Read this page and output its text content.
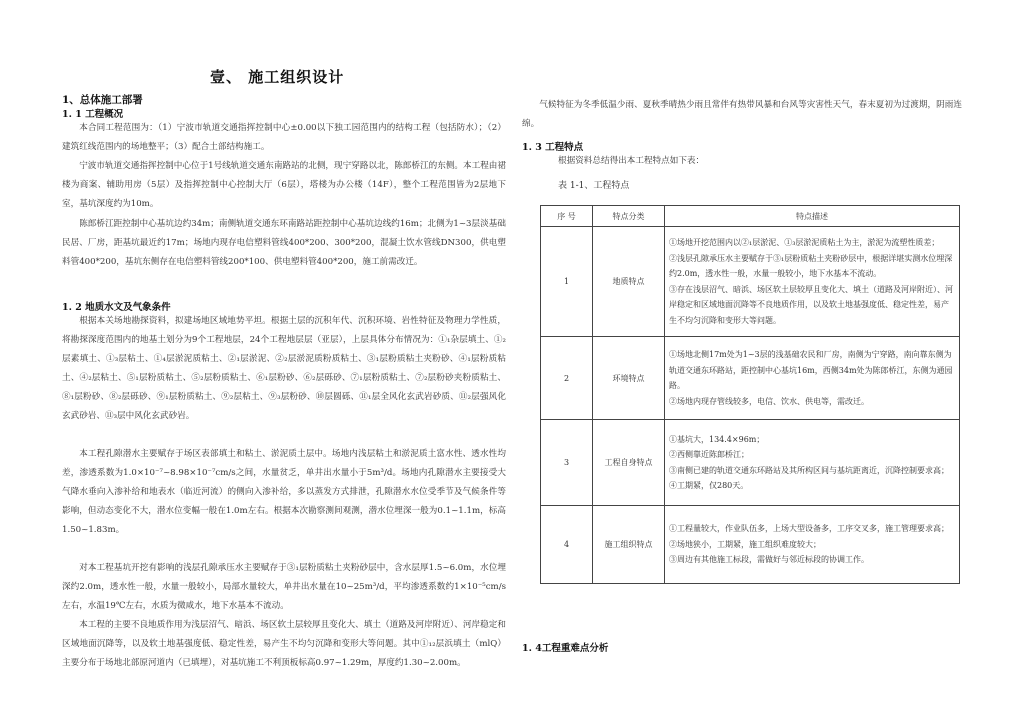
壹、 施工组织设计
1、总体施工部署
1. 1 工程概况

本合同工程范围为：（1）宁波市轨道交通指挥控制中心±0.00以下独工园范围内的结构工程（包括防水）；（2）建筑红线范围内的场地整平；（3）配合土部结构施工。

宁波市轨道交通指挥控制中心位于1号线轨道交通东南路站的北侧，现宁穿路以北，陈郎桥江的东侧。本工程由裙楼为商案、辅助用房（5层）及指挥控制中心控制大厅（6层），塔楼为办公楼（14F），整个工程范围皆为2层地下室，基坑深度约为10m。

陈郎桥江距控制中心基坑边约34m；南侧轨道交通东环南路站距控制中心基坑边线约16m；北侧为1~3层淡基础民居、厂房，距基坑最近约17m；场地内现存电信塑料管线400*200、300*200，混凝土饮水管线DN300，供电塑料管400*200，基坑东侧存在电信塑料管线200*100、供电塑料管400*200，施工前需改迁。

1. 2 地质水文及气象条件

根据本关场地勘探资料，拟建场地区域地势平坦。根据土层的沉积年代、沉积环境、岩性特征及物理力学性质，将勘探深度范围内的地基土划分为9个工程地层，24个工程地层层（亚层），上层具体分布情况为：①₁杂层填土、①₂层素填土、①₃层粘土、①₄层淤泥质粘土、②₁层淤泥、②₂层淤泥质粉质粘土、③₁层粉质粘土夹粉砂、④₁层粉质粘土、④₂层粘土、⑤₁层粉质粘土、⑤₂层粉质粘土、⑥₁层粉砂、⑥₂层砾砂、⑦₁层粉质粘土、⑦₂层粉砂夹粉质粘土、⑧₁层粉砂、⑧₂层砾砂、⑨₁层粉质粘土、⑨₂层粘土、⑨₃层粉砂、⑩层圆砾、⑪₁层全风化玄武岩砂质、⑪₂层强风化玄武砂岩、⑪₃层中风化玄武砂岩。

本工程孔隙潜水主要赋存于场区表部填土和粘土、淤泥质土层中。场地内浅层粘土和淤泥质土富水性、透水性均差，渗透系数为1.0×10⁻⁷~8.98×10⁻⁷cm/s之间，水量贫乏，单井出水量小于5m³/d。场地内孔隙潜水主要接受大气降水垂向入渗补给和地表水（临近河流）的侧向入渗补给，多以蒸发方式排泄，孔隙潜水水位受季节及气候条件等影响，但动态变化不大，潜水位变幅一般在1.0m左右。根据本次勘察测间观测，潜水位埋深一般为0.1~1.1m，标高1.50~1.83m。

对本工程基坑开挖有影响的浅层孔隙承压水主要赋存于③₁层粉质粘土夹粉砂层中，含水层厚1.5~6.0m，水位埋深约2.0m，透水性一般，水量一般较小，局部水量较大，单井出水量在10~25m³/d，平均渗透系数约1×10⁻⁵cm/s左右，水温19℃左右，水质为微咸水，地下水基本不流动。

本工程的主要不良地质作用为浅层沼气、暗浜、场区软土层较厚且变化大、填土（道路及河岸附近）、河岸稳定和区域地面沉降等，以及软土地基强度低、稳定性差，易产生不均匀沉降和变形大等问题。其中①₁₂层浜填土（mlQ）主要分布于场地北部原河道内（已填埋），对基坑施工不利顶板标高0.97~1.29m，厚度约1.30~2.00m。

气候特征为冬季低温少雨、夏秋季晴热少雨且常伴有热带风暴和台风等灾害性天气，春末夏初为过渡期，阴雨连绵。

1. 3 工程特点

根据资料总结得出本工程特点如下表：

表 1-1、工程特点
序 号	特点分类	特点描述
1	地质特点	①场地开挖范围内以②₁层淤泥、①₃层淤泥质粘土为主，淤泥为流塑性质差；

②浅层孔隙承压水主要赋存于③₁层粉质粘土夹粉砂层中，根据详堪实测水位埋深约2.0m，透水性一般，水量一般较小，地下水基本不流动。

③存在浅层沼气、暗浜、场区软土层较厚且变化大、填土（道路及河岸附近）、河岸稳定和区域地面沉降等不良地质作用，以及软土地基强度低、稳定性差，易产生不均匀沉降和变形大等问题。

2	环境特点	①场地北侧17m处为1~3层的浅基础农民和厂房，南侧为宁穿路，南向靠东侧为轨道交通东环路站，距控制中心基坑16m，西侧34m处为陈郎桥江，东侧为通园路。

②场地内现存管线较多，电信、饮水、供电等，需改迁。

3	工程自身特点	①基坑大，134.4×96m；

②西侧靠近陈郎桥江；

③南侧已建的轨道交通东环路站及其所构区间与基坑距离近，沉降控制要求高；

④工期紧，仅280天。

4	施工组织特点	①工程量较大，作业队伍多，上场大型设备多，工序交叉多，施工管理要求高；

②场地狭小，工期紧，施工组织难度较大；

③周边有其他施工标段，需做好与邻近标段的协调工作。

1. 4工程重难点分析
